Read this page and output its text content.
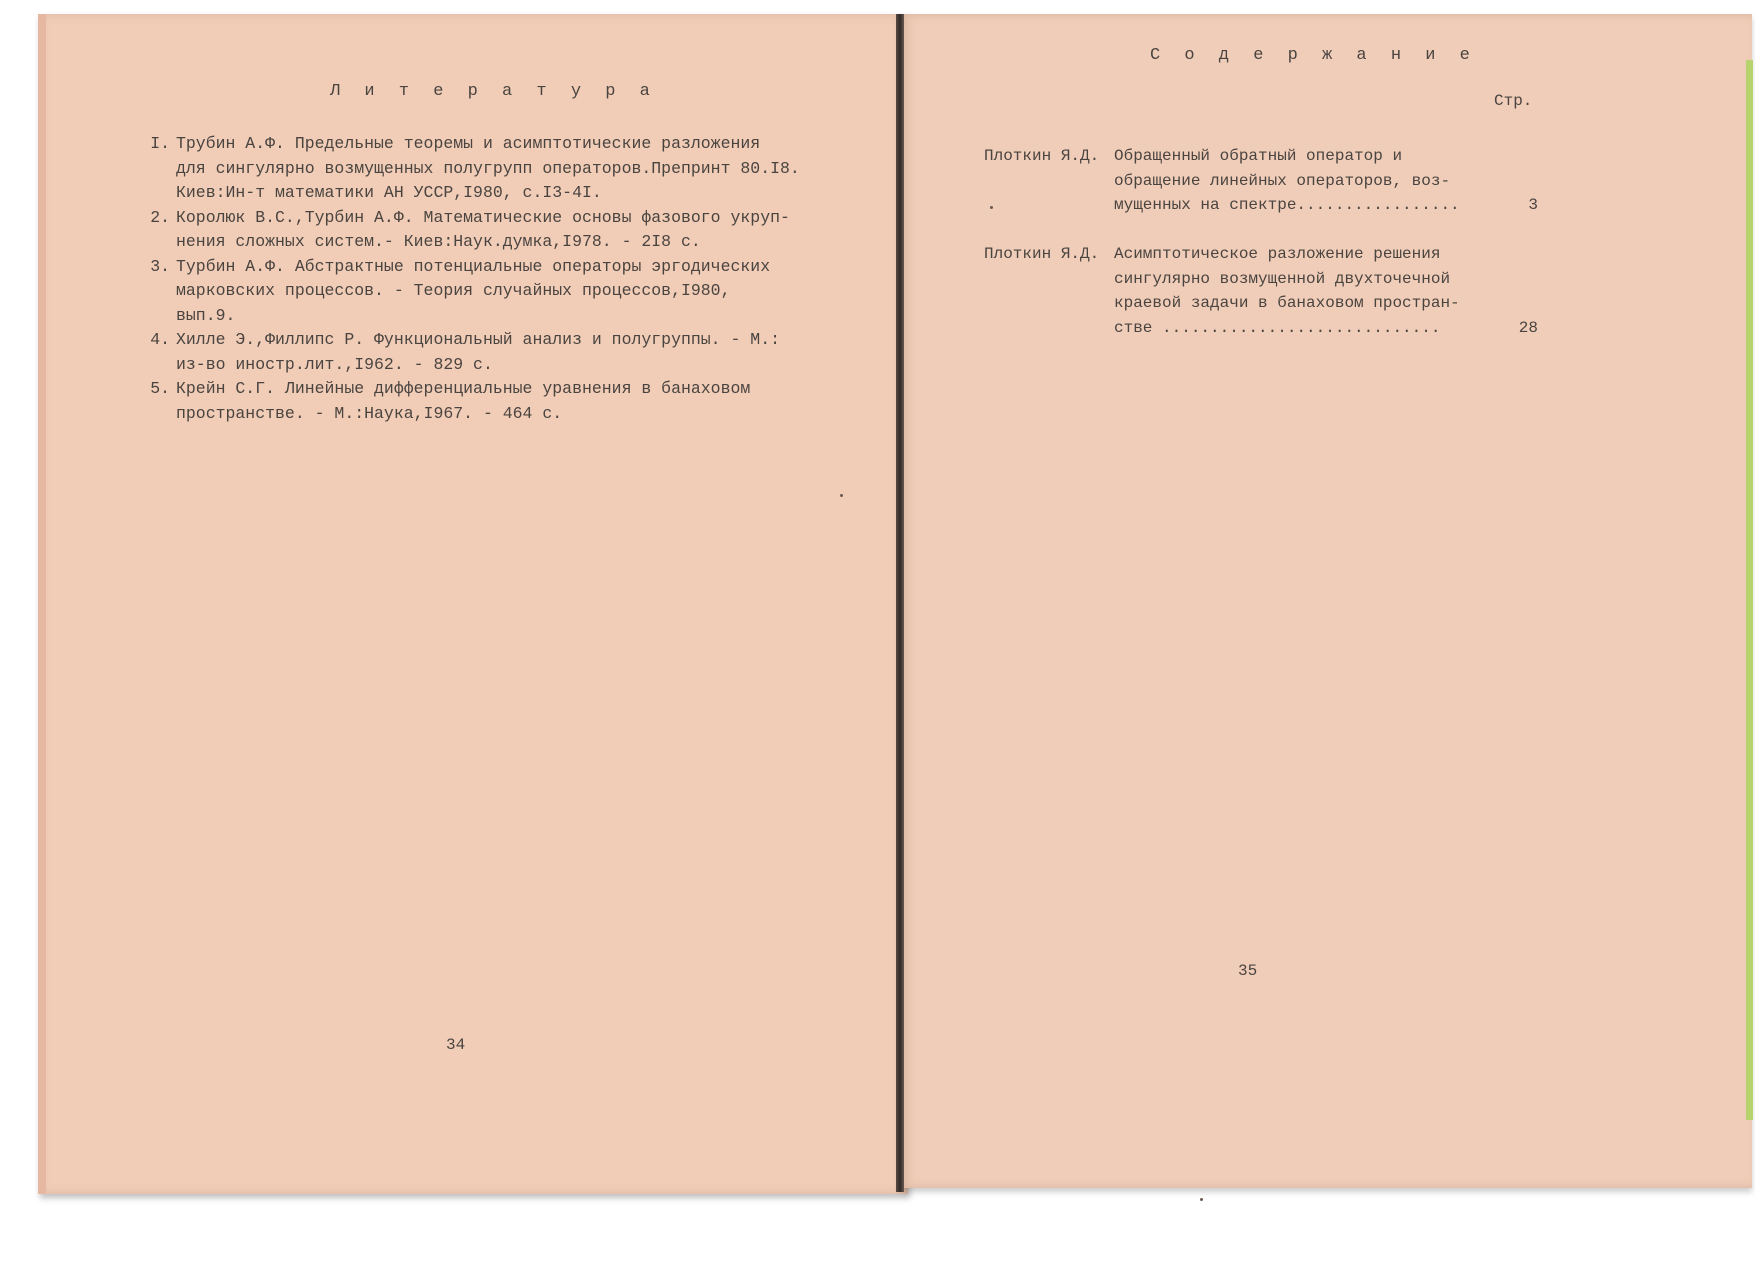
Л и т е р а т у р а
I. Трубин А.Ф. Предельные теоремы и асимптотические разложения
для сингулярно возмущенных полугрупп операторов.Препринт 80.I8.
Киев:Ин-т математики АН УССР,I980, с.I3-4I.
2. Королюк В.С.,Турбин А.Ф. Математические основы фазового укруп-
нения сложных систем.- Киев:Наук.думка,I978. - 2I8 с.
3. Турбин А.Ф. Абстрактные потенциальные операторы эргодических
марковских процессов. - Теория случайных процессов,I980,
вып.9.
4. Хилле Э.,Филлипс Р. Функциональный анализ и полугруппы. - М.:
из-во иностр.лит.,I962. - 829 с.
5. Крейн С.Г. Линейные дифференциальные уравнения в банаховом
пространстве. - М.:Наука,I967. - 464 с.
34
С о д е р ж а н и е
Стр.
Плоткин Я.Д. Обращенный обратный оператор и
обращение линейных операторов, воз-
мущенных на спектре.................	3
Плоткин Я.Д. Асимптотическое разложение решения
сингулярно возмущенной двухточечной
краевой задачи в банаховом простран-
стве .............................	28
35
